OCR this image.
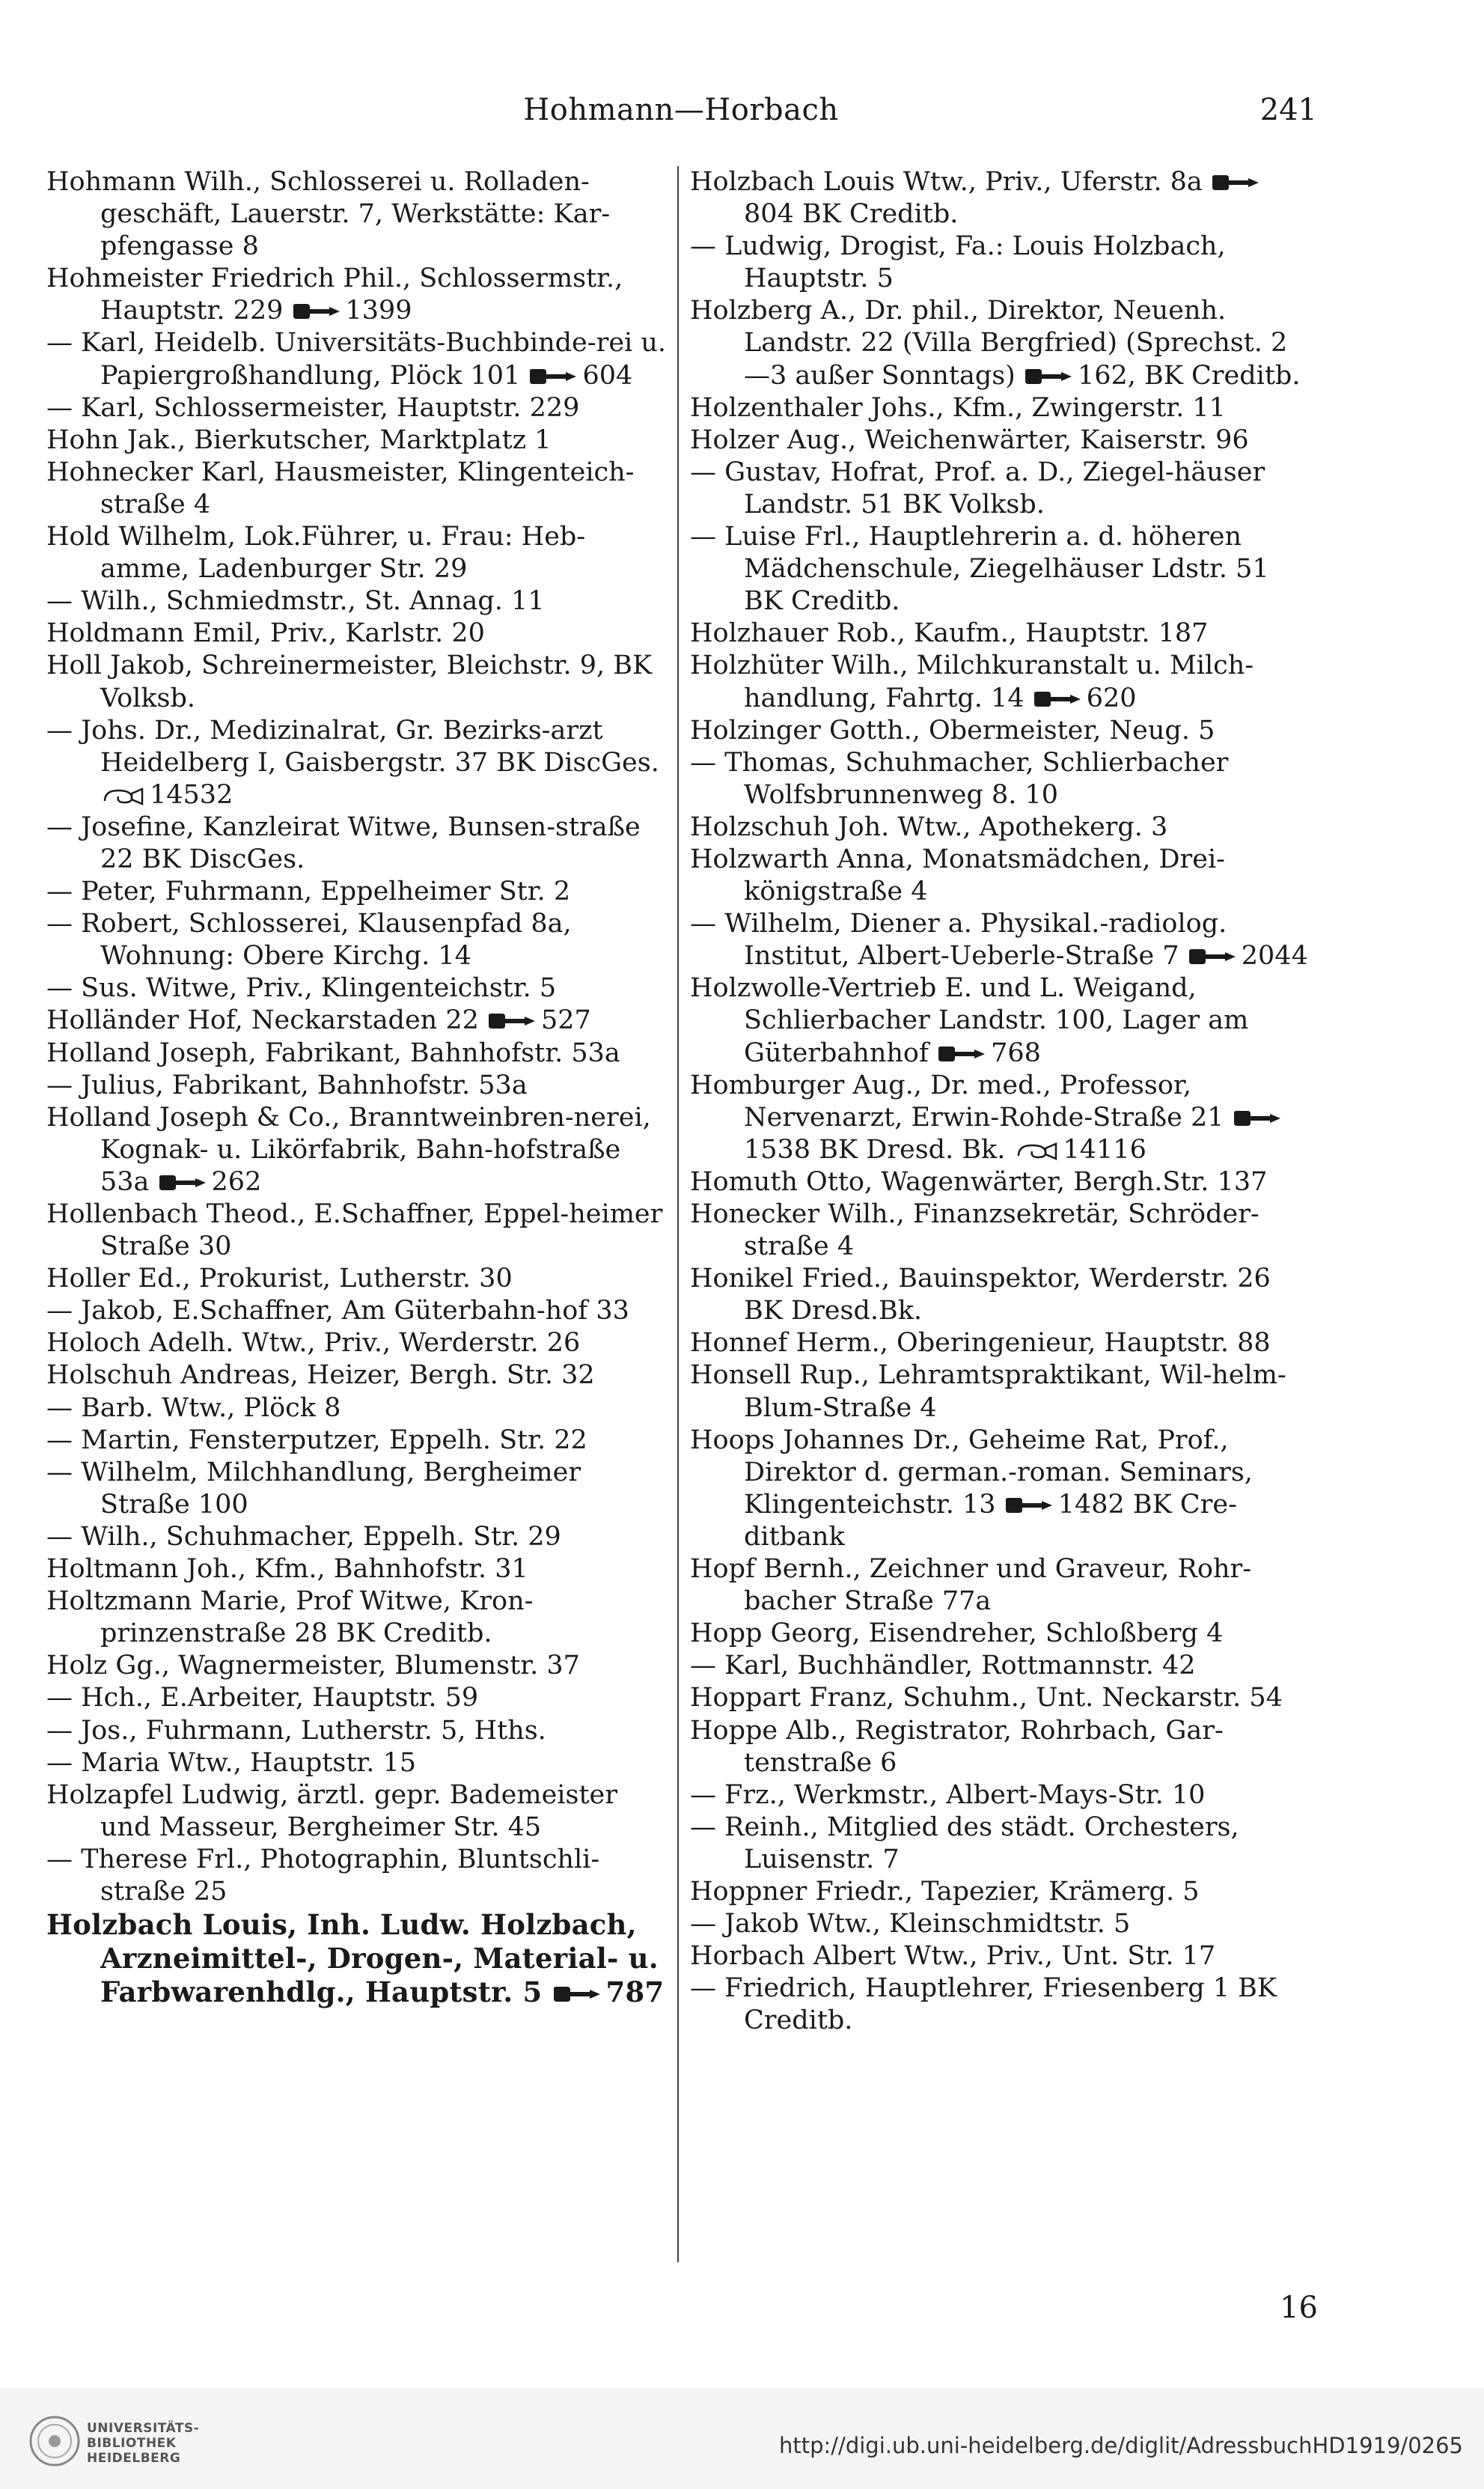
Hohmann—Horbach	241

Hohmann Wilh., Schlosserei u. Rolladen-geschäft, Lauerstr. 7, Werkstätte: Kar-pfengasse 8

Hohmeister Friedrich Phil., Schlossermstr., Hauptstr. 229 1399

— Karl, Heidelb. Universitäts-Buchbinde-rei u. Papiergroßhandlung, Plöck 101 604

— Karl, Schlossermeister, Hauptstr. 229

Hohn Jak., Bierkutscher, Marktplatz 1

Hohnecker Karl, Hausmeister, Klingenteich-straße 4

Hold Wilhelm, Lok.Führer, u. Frau: Heb-amme, Ladenburger Str. 29

— Wilh., Schmiedmstr., St. Annag. 11

Holdmann Emil, Priv., Karlstr. 20

Holl Jakob, Schreinermeister, Bleichstr. 9, BK Volksb.

— Johs. Dr., Medizinalrat, Gr. Bezirks-arzt Heidelberg I, Gaisbergstr. 37 BK DiscGes. 14532

— Josefine, Kanzleirat Witwe, Bunsen-straße 22 BK DiscGes.

— Peter, Fuhrmann, Eppelheimer Str. 2

— Robert, Schlosserei, Klausenpfad 8a, Wohnung: Obere Kirchg. 14

— Sus. Witwe, Priv., Klingenteichstr. 5

Holländer Hof, Neckarstaden 22 527

Holland Joseph, Fabrikant, Bahnhofstr. 53a

— Julius, Fabrikant, Bahnhofstr. 53a

Holland Joseph & Co., Branntweinbren-nerei, Kognak- u. Likörfabrik, Bahn-hofstraße 53a 262

Hollenbach Theod., E.Schaffner, Eppel-heimer Straße 30

Holler Ed., Prokurist, Lutherstr. 30

— Jakob, E.Schaffner, Am Güterbahn-hof 33

Holoch Adelh. Wtw., Priv., Werderstr. 26

Holschuh Andreas, Heizer, Bergh. Str. 32

— Barb. Wtw., Plöck 8

— Martin, Fensterputzer, Eppelh. Str. 22

— Wilhelm, Milchhandlung, Bergheimer Straße 100

— Wilh., Schuhmacher, Eppelh. Str. 29

Holtmann Joh., Kfm., Bahnhofstr. 31

Holtzmann Marie, Prof Witwe, Kron-prinzenstraße 28 BK Creditb.

Holz Gg., Wagnermeister, Blumenstr. 37

— Hch., E.Arbeiter, Hauptstr. 59

— Jos., Fuhrmann, Lutherstr. 5, Hths.

— Maria Wtw., Hauptstr. 15

Holzapfel Ludwig, ärztl. gepr. Bademeister und Masseur, Bergheimer Str. 45

— Therese Frl., Photographin, Bluntschli-straße 25

Holzbach Louis, Inh. Ludw. Holzbach, Arzneimittel-, Drogen-, Material- u. Farbwarenhdlg., Hauptstr. 5 787

Holzbach Louis Wtw., Priv., Uferstr. 8a 804 BK Creditb.

— Ludwig, Drogist, Fa.: Louis Holzbach, Hauptstr. 5

Holzberg A., Dr. phil., Direktor, Neuenh. Landstr. 22 (Villa Bergfried) (Sprechst. 2—3 außer Sonntags) 162, BK Creditb.

Holzenthaler Johs., Kfm., Zwingerstr. 11

Holzer Aug., Weichenwärter, Kaiserstr. 96

— Gustav, Hofrat, Prof. a. D., Ziegel-häuser Landstr. 51 BK Volksb.

— Luise Frl., Hauptlehrerin a. d. höheren Mädchenschule, Ziegelhäuser Ldstr. 51 BK Creditb.

Holzhauer Rob., Kaufm., Hauptstr. 187

Holzhüter Wilh., Milchkuranstalt u. Milch-handlung, Fahrtg. 14 620

Holzinger Gotth., Obermeister, Neug. 5

— Thomas, Schuhmacher, Schlierbacher Wolfsbrunnenweg 8. 10

Holzschuh Joh. Wtw., Apothekerg. 3

Holzwarth Anna, Monatsmädchen, Drei-königstraße 4

— Wilhelm, Diener a. Physikal.-radiolog. Institut, Albert-Ueberle-Straße 7 2044

Holzwolle-Vertrieb E. und L. Weigand, Schlierbacher Landstr. 100, Lager am Güterbahnhof 768

Homburger Aug., Dr. med., Professor, Nervenarzt, Erwin-Rohde-Straße 21 1538 BK Dresd. Bk. 14116

Homuth Otto, Wagenwärter, Bergh.Str. 137

Honecker Wilh., Finanzsekretär, Schröder-straße 4

Honikel Fried., Bauinspektor, Werderstr. 26 BK Dresd.Bk.

Honnef Herm., Oberingenieur, Hauptstr. 88

Honsell Rup., Lehramtspraktikant, Wil-helm-Blum-Straße 4

Hoops Johannes Dr., Geheime Rat, Prof., Direktor d. german.-roman. Seminars, Klingenteichstr. 13 1482 BK Cre-ditbank

Hopf Bernh., Zeichner und Graveur, Rohr-bacher Straße 77a

Hopp Georg, Eisendreher, Schloßberg 4

— Karl, Buchhändler, Rottmannstr. 42

Hoppart Franz, Schuhm., Unt. Neckarstr. 54

Hoppe Alb., Registrator, Rohrbach, Gar-tenstraße 6

— Frz., Werkmstr., Albert-Mays-Str. 10

— Reinh., Mitglied des städt. Orchesters, Luisenstr. 7

Hoppner Friedr., Tapezier, Krämerg. 5

— Jakob Wtw., Kleinschmidtstr. 5

Horbach Albert Wtw., Priv., Unt. Str. 17

— Friedrich, Hauptlehrer, Friesenberg 1 BK Creditb.

16
UNIVERSITÄTS-
BIBLIOTHEK
HEIDELBERG	http://digi.ub.uni-heidelberg.de/diglit/AdressbuchHD1919/0265
